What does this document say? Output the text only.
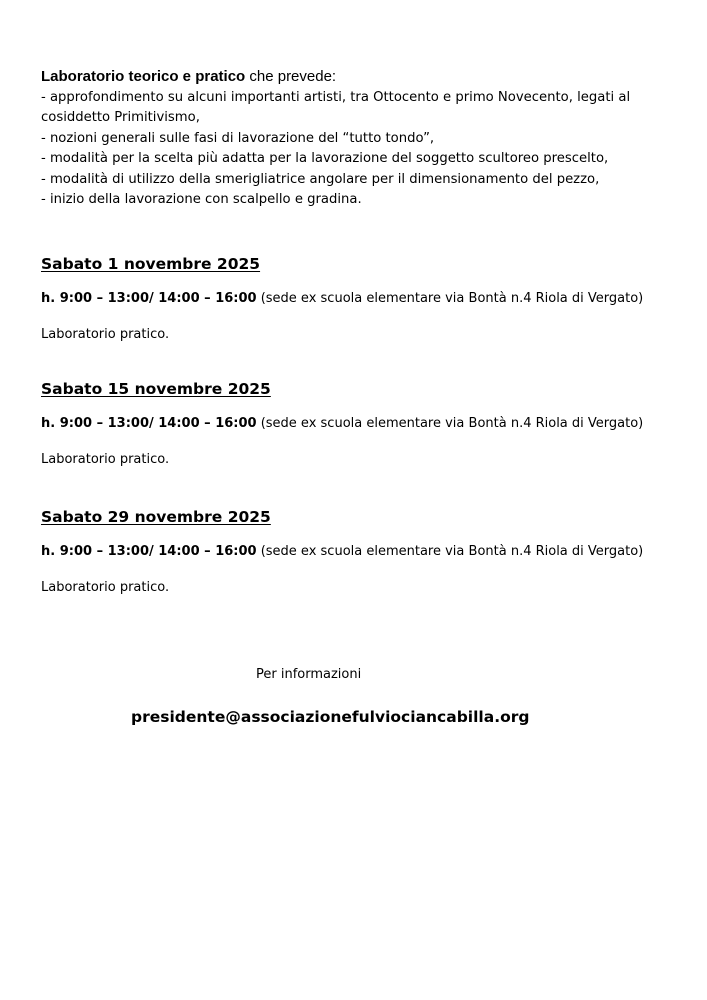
Laboratorio teorico e pratico che prevede:
- approfondimento su alcuni importanti artisti, tra Ottocento e primo Novecento, legati al
cosiddetto Primitivismo,
- nozioni generali sulle fasi di lavorazione del “tutto tondo”,
- modalità per la scelta più adatta per la lavorazione del soggetto scultoreo prescelto,
- modalità di utilizzo della smerigliatrice angolare per il dimensionamento del pezzo,
- inizio della lavorazione con scalpello e gradina.
Sabato 1 novembre 2025
h. 9:00 – 13:00/ 14:00 – 16:00 (sede ex scuola elementare via Bontà n.4 Riola di Vergato)
Laboratorio pratico.
Sabato 15 novembre 2025
h. 9:00 – 13:00/ 14:00 – 16:00 (sede ex scuola elementare via Bontà n.4 Riola di Vergato)
Laboratorio pratico.
Sabato 29 novembre 2025
h. 9:00 – 13:00/ 14:00 – 16:00 (sede ex scuola elementare via Bontà n.4 Riola di Vergato)
Laboratorio pratico.
Per informazioni
presidente@associazionefulviociancabilla.org
